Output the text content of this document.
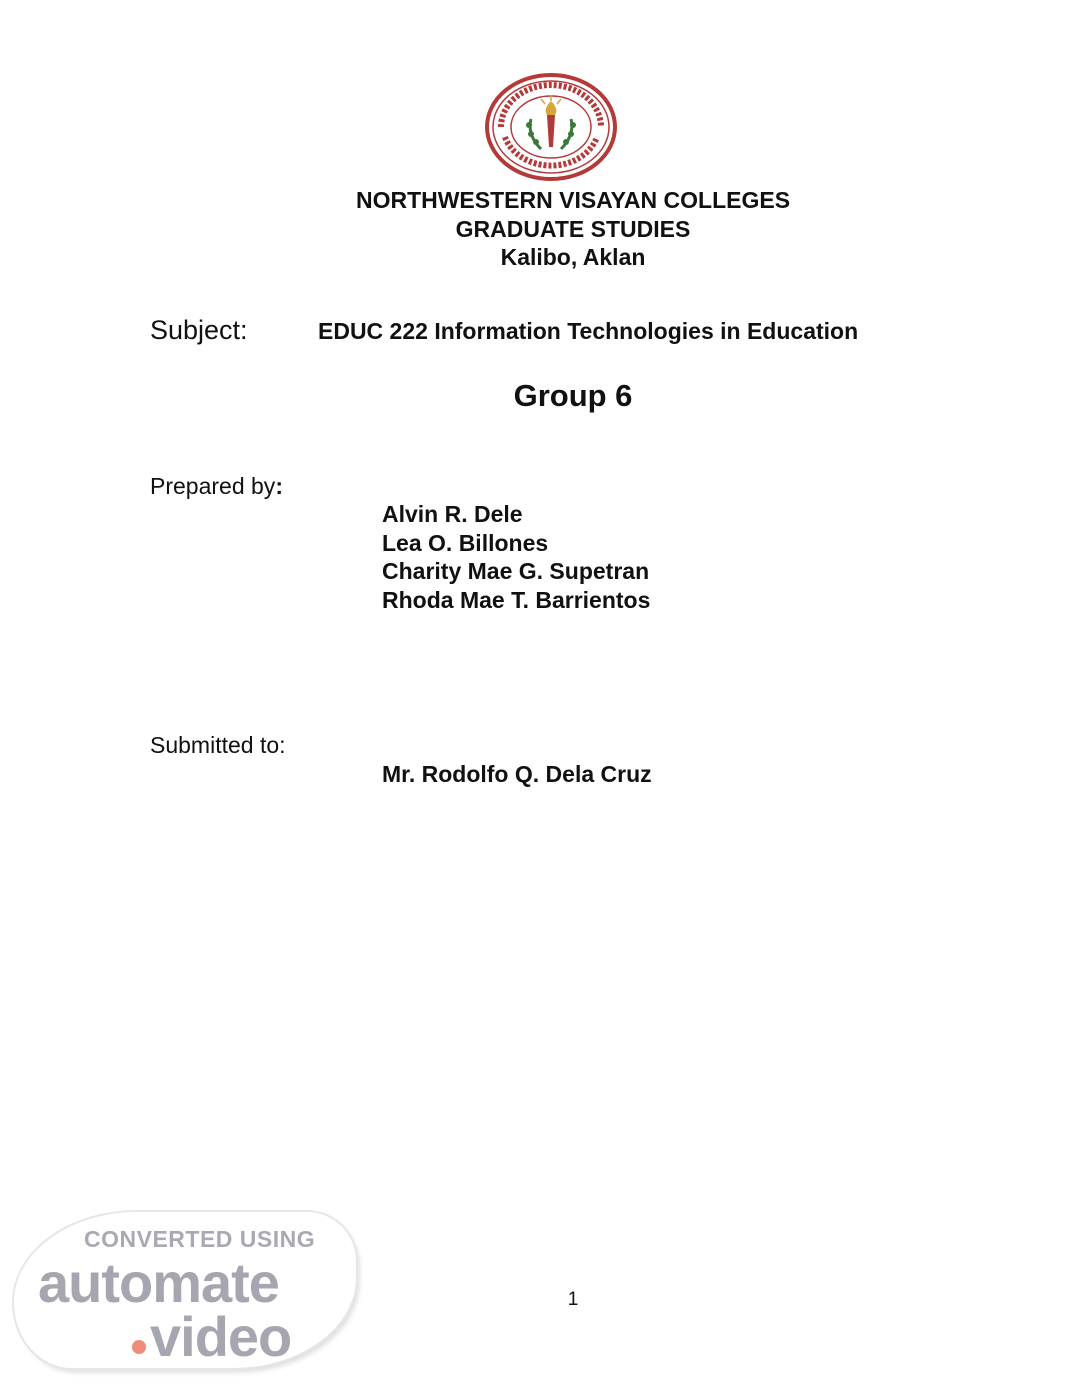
NORTHWESTERN VISAYAN COLLEGES
GRADUATE STUDIES
Kalibo, Aklan
Subject:	EDUC 222 Information Technologies in Education
Group 6
Prepared by:
Alvin R. Dele
Lea O. Billones
Charity Mae G. Supetran
Rhoda Mae T. Barrientos
Submitted to:
Mr. Rodolfo Q. Dela Cruz
1
CONVERTED USING
automate
video
